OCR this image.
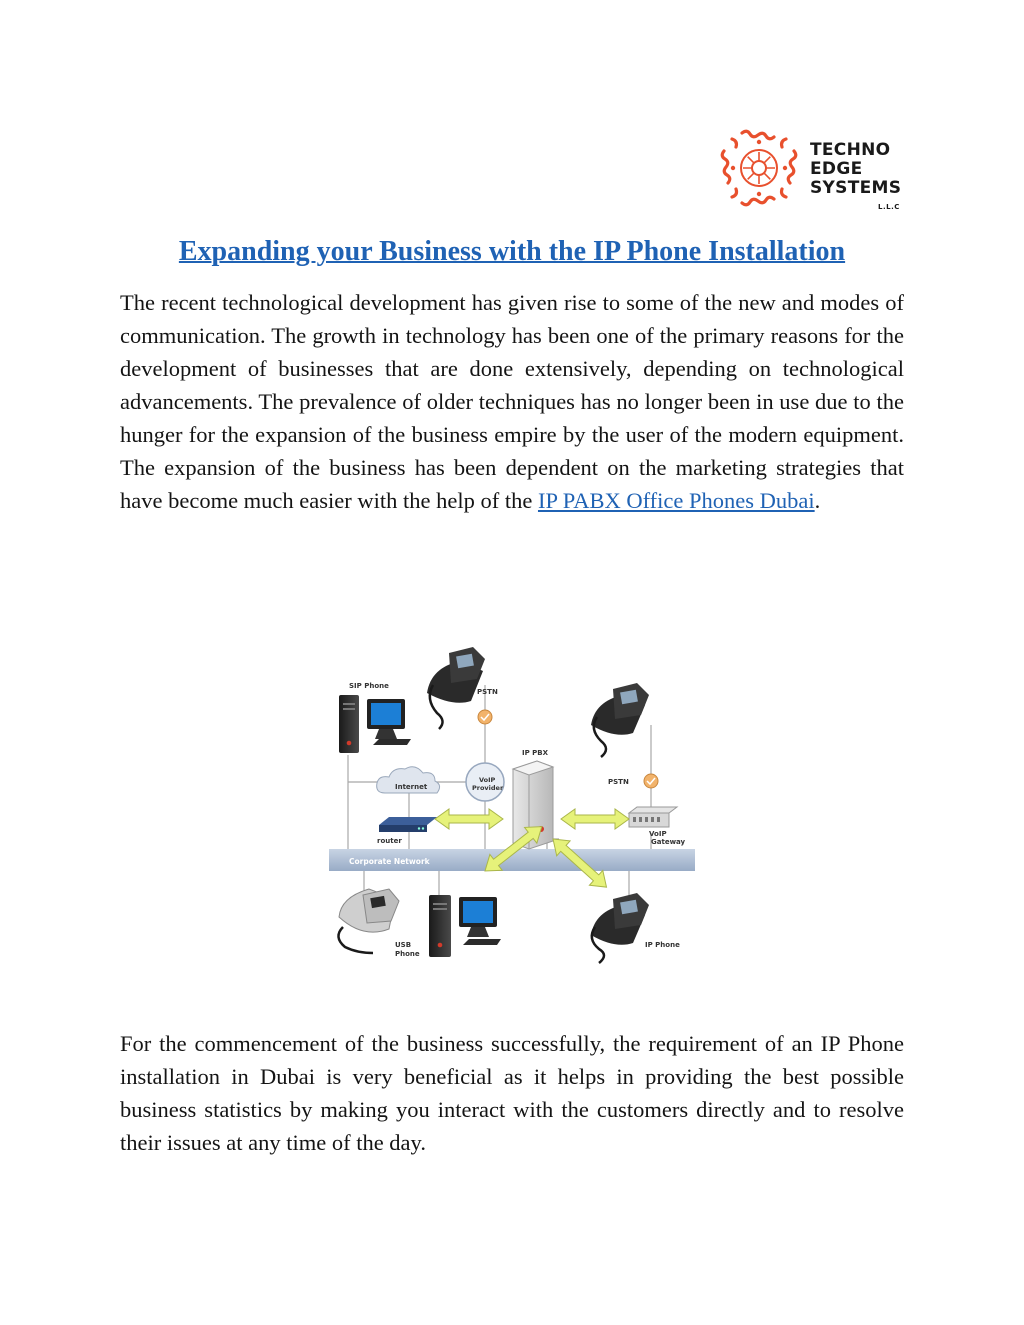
TECHNO
EDGE
SYSTEMS
L.L.C
Expanding your Business with the IP Phone Installation
The recent technological development has given rise to some of the new and modes of communication. The growth in technology has been one of the primary reasons for the development of businesses that are done extensively, depending on technological advancements. The prevalence of older techniques has no longer been in use due to the hunger for the expansion of the business empire by the user of the modern equipment. The expansion of the business has been dependent on the marketing strategies that have become much easier with the help of the IP PABX Office Phones Dubai.
Corporate Network
SIP Phone
PSTN
IP PBX
PSTN
Internet
VoIP
Provider
router
VoIP
Gateway
USB
Phone
IP Phone
For the commencement of the business successfully, the requirement of an IP Phone installation in Dubai is very beneficial as it helps in providing the best possible business statistics by making you interact with the customers directly and to resolve their issues at any time of the day.
